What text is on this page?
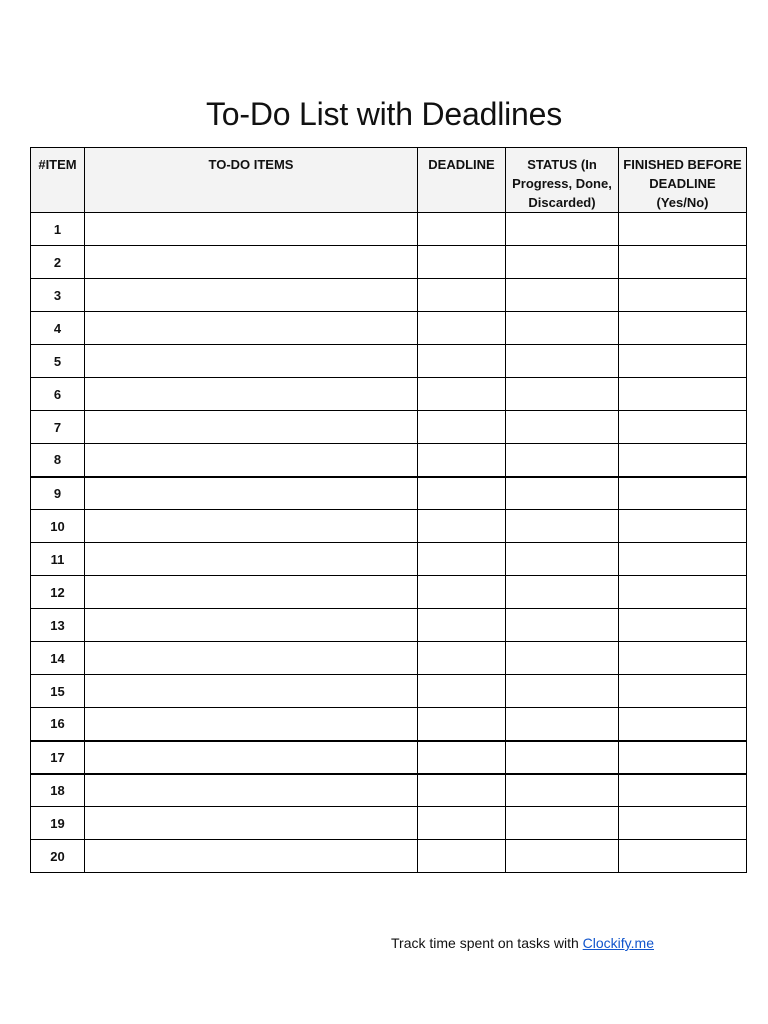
To-Do List with Deadlines
#ITEM	TO-DO ITEMS	DEADLINE	STATUS (In Progress, Done, Discarded)	FINISHED BEFORE DEADLINE (Yes/No)
1				
2				
3				
4				
5				
6				
7				
8				
9				
10				
11				
12				
13				
14				
15				
16				
17				
18				
19				
20				
Track time spent on tasks with Clockify.me
